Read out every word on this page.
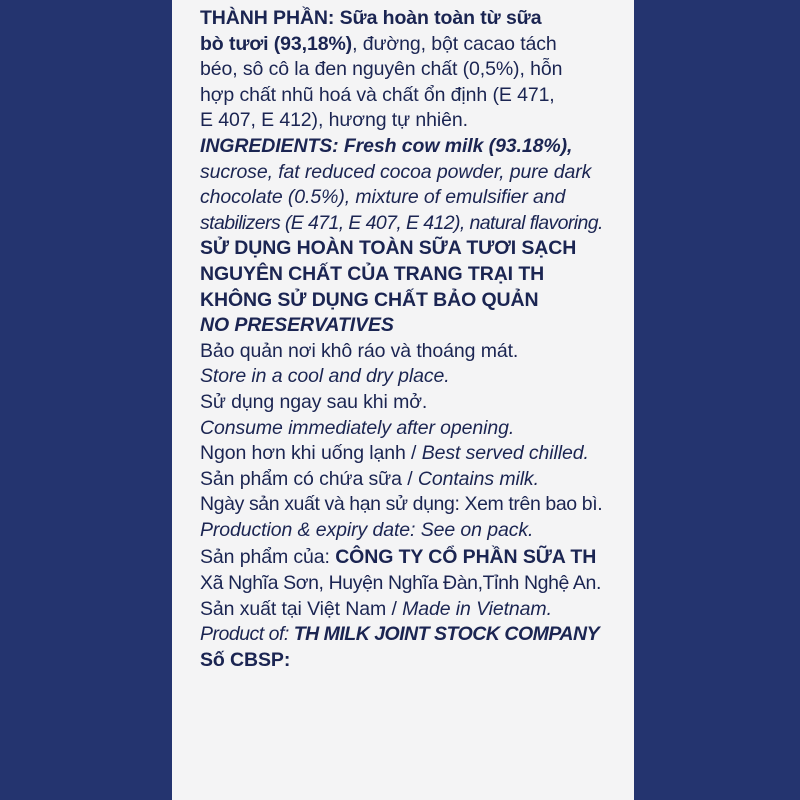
THÀNH PHẦN: Sữa hoàn toàn từ sữa
bò tươi (93,18%), đường, bột cacao tách
béo, sô cô la đen nguyên chất (0,5%), hỗn
hợp chất nhũ hoá và chất ổn định (E 471,
E 407, E 412), hương tự nhiên.
INGREDIENTS: Fresh cow milk (93.18%),
sucrose, fat reduced cocoa powder, pure dark
chocolate (0.5%), mixture of emulsifier and
stabilizers (E 471, E 407, E 412), natural flavoring.
SỬ DỤNG HOÀN TOÀN SỮA TƯƠI SẠCH
NGUYÊN CHẤT CỦA TRANG TRẠI TH
KHÔNG SỬ DỤNG CHẤT BẢO QUẢN
NO PRESERVATIVES
Bảo quản nơi khô ráo và thoáng mát.
Store in a cool and dry place.
Sử dụng ngay sau khi mở.
Consume immediately after opening.
Ngon hơn khi uống lạnh / Best served chilled.
Sản phẩm có chứa sữa / Contains milk.
Ngày sản xuất và hạn sử dụng: Xem trên bao bì.
Production & expiry date: See on pack.
Sản phẩm của: CÔNG TY CỔ PHẦN SỮA TH
Xã Nghĩa Sơn, Huyện Nghĩa Đàn,Tỉnh Nghệ An.
Sản xuất tại Việt Nam / Made in Vietnam.
Product of: TH MILK JOINT STOCK COMPANY
Số CBSP:
